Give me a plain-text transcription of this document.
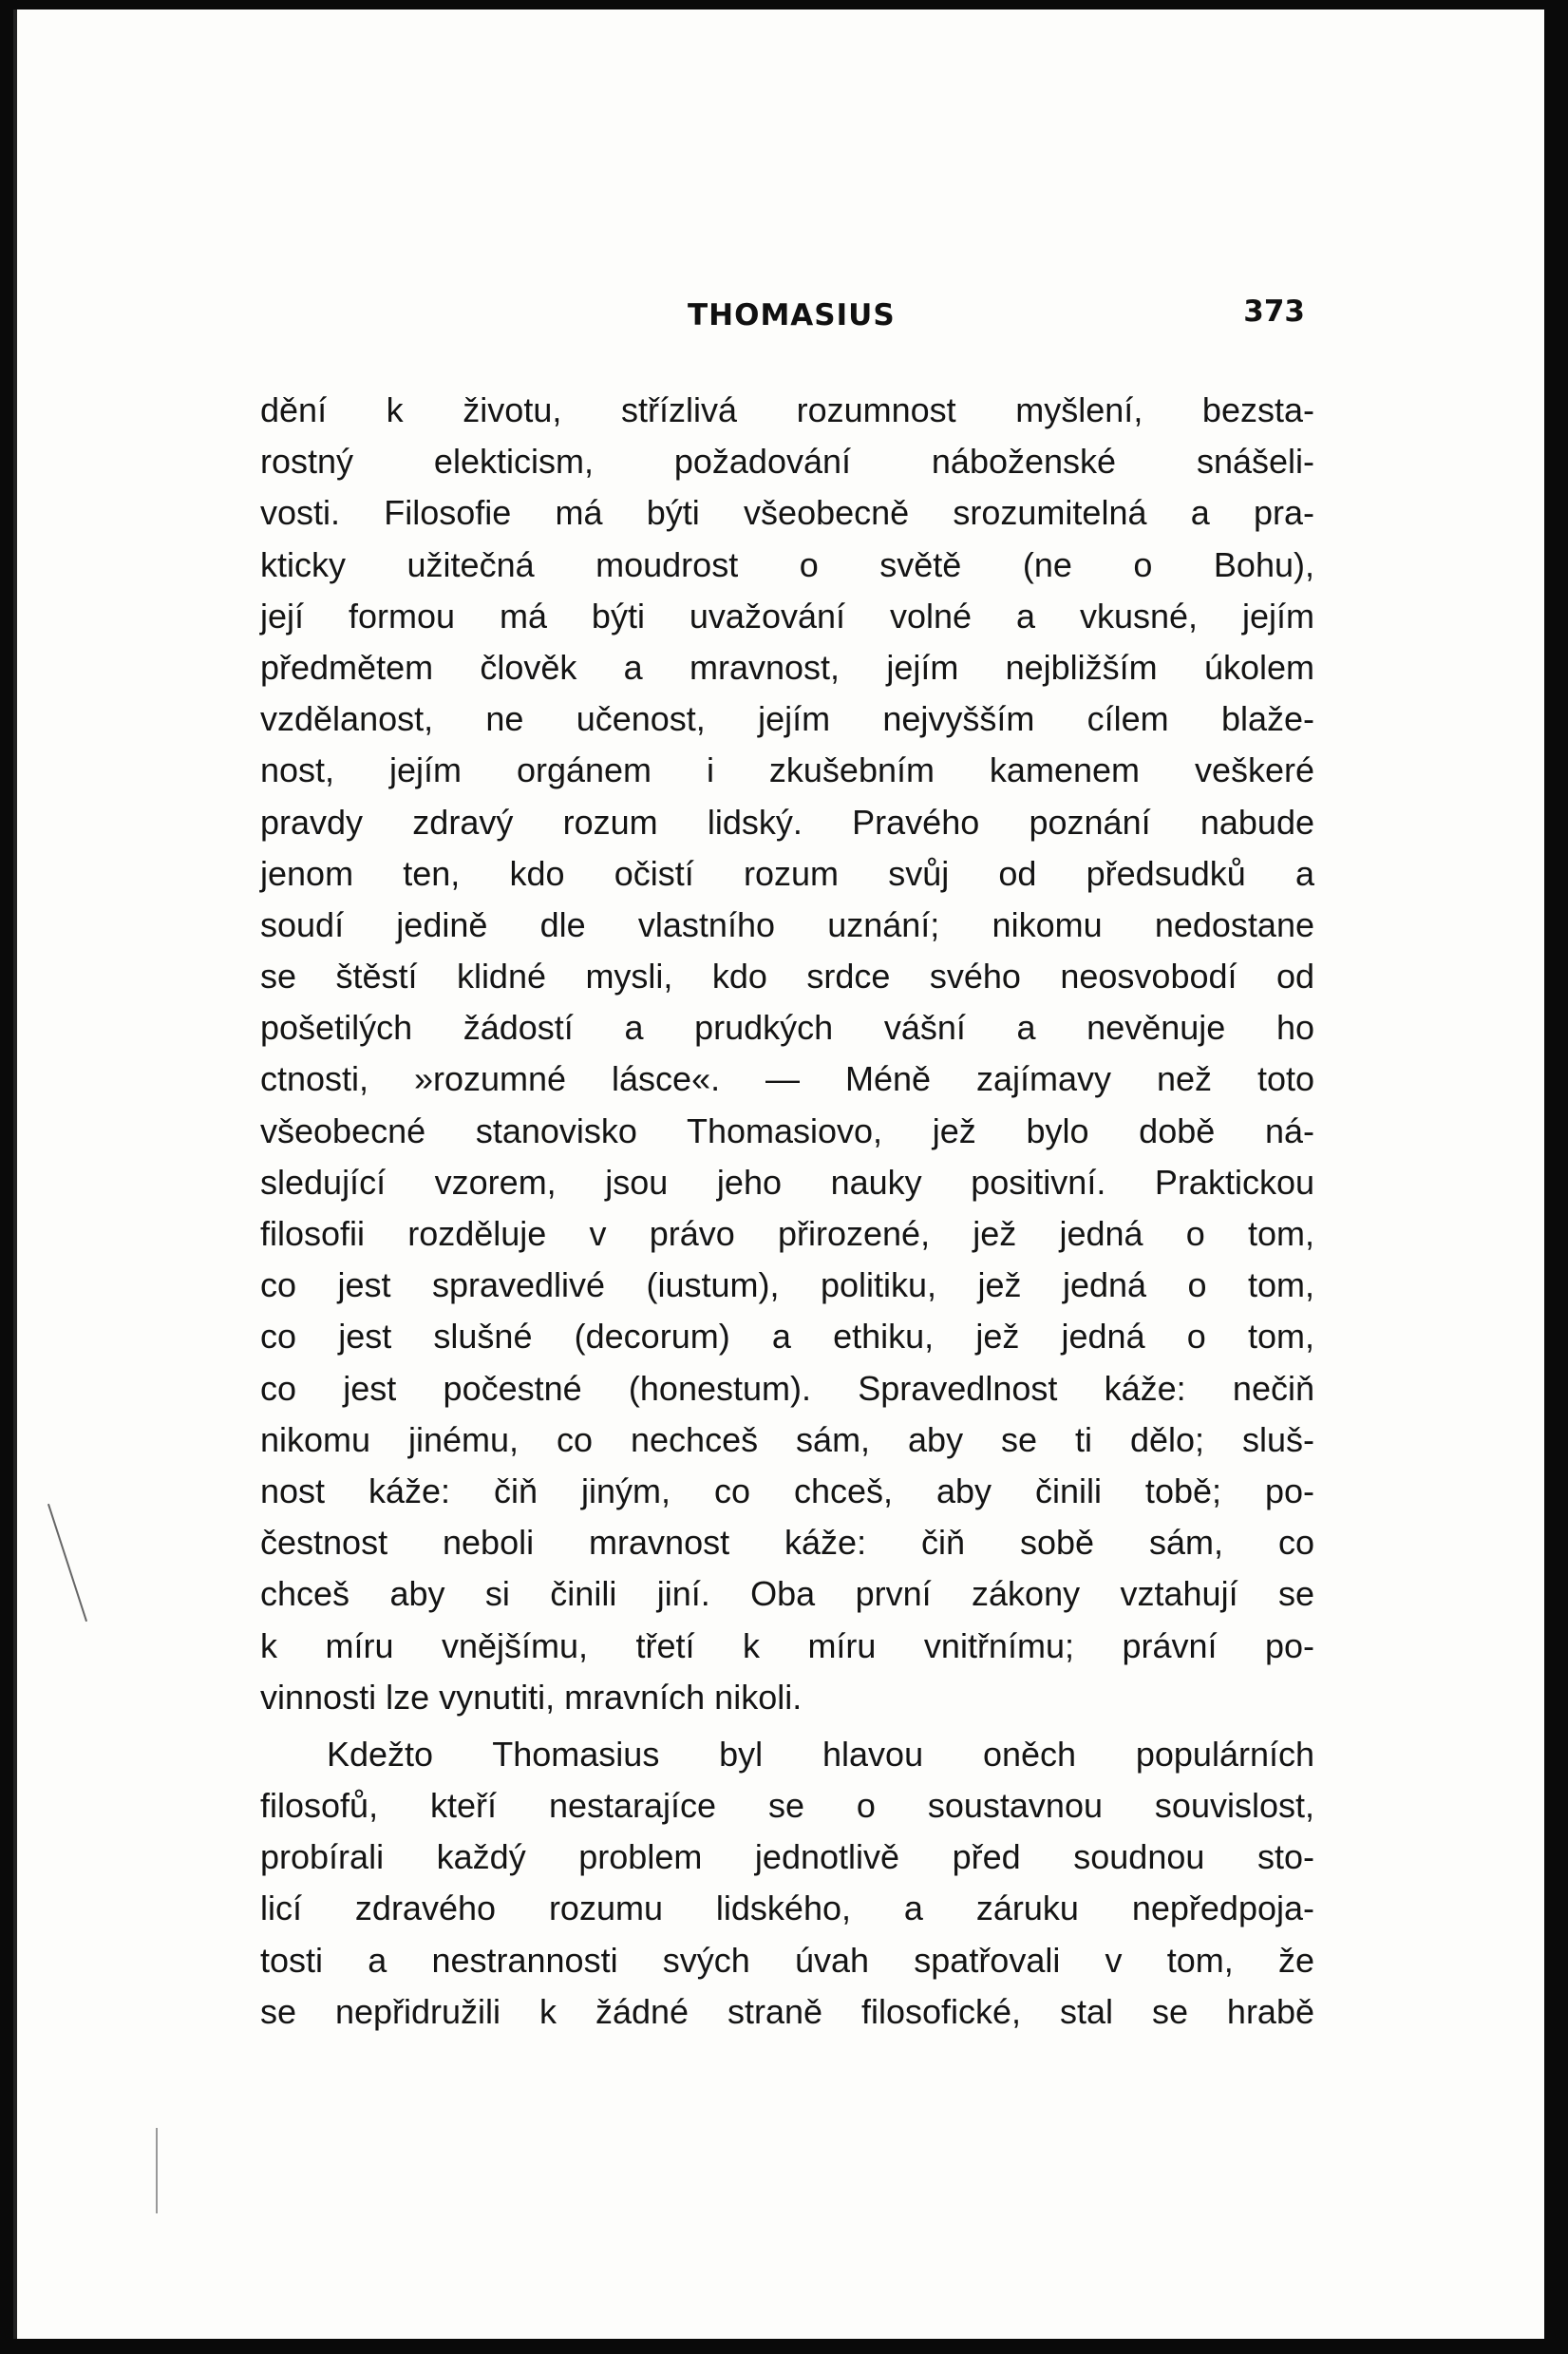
THOMASIUS	373
dění k životu, střízlivá rozumnost myšlení, bezsta-
rostný elekticism, požadování náboženské snášeli-
vosti. Filosofie má býti všeobecně srozumitelná a pra-
kticky užitečná moudrost o světě (ne o Bohu),
její formou má býti uvažování volné a vkusné, jejím
předmětem člověk a mravnost, jejím nejbližším úkolem
vzdělanost, ne učenost, jejím nejvyšším cílem blaže-
nost, jejím orgánem i zkušebním kamenem veškeré
pravdy zdravý rozum lidský. Pravého poznání nabude
jenom ten, kdo očistí rozum svůj od předsudků a
soudí jedině dle vlastního uznání; nikomu nedostane
se štěstí klidné mysli, kdo srdce svého neosvobodí od
pošetilých žádostí a prudkých vášní a nevěnuje ho
ctnosti, »rozumné lásce«. — Méně zajímavy než toto
všeobecné stanovisko Thomasiovo, jež bylo době ná-
sledující vzorem, jsou jeho nauky positivní. Praktickou
filosofii rozděluje v právo přirozené, jež jedná o tom,
co jest spravedlivé (iustum), politiku, jež jedná o tom,
co jest slušné (decorum) a ethiku, jež jedná o tom,
co jest počestné (honestum). Spravedlnost káže: nečiň
nikomu jinému, co nechceš sám, aby se ti dělo; sluš-
nost káže: čiň jiným, co chceš, aby činili tobě; po-
čestnost neboli mravnost káže: čiň sobě sám, co
chceš aby si činili jiní. Oba první zákony vztahují se
k míru vnějšímu, třetí k míru vnitřnímu; právní po-
vinnosti lze vynutiti, mravních nikoli.
Kdežto Thomasius byl hlavou oněch populárních
filosofů, kteří nestarajíce se o soustavnou souvislost,
probírali každý problem jednotlivě před soudnou sto-
licí zdravého rozumu lidského, a záruku nepředpoja-
tosti a nestrannosti svých úvah spatřovali v tom, že
se nepřidružili k žádné straně filosofické, stal se hrabě
